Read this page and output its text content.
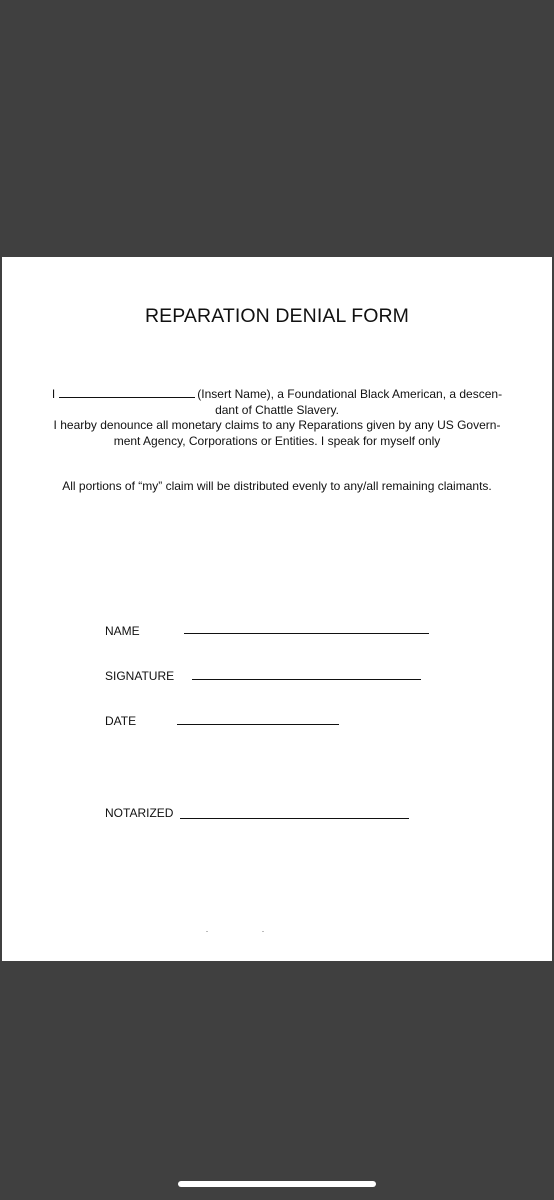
REPARATION DENIAL FORM
I	(Insert Name), a Foundational Black American, a descen-
dant of Chattle Slavery.
I hearby denounce all monetary claims to any Reparations given by any US Govern-
ment Agency, Corporations or Entities. I speak for myself only
All portions of “my” claim will be distributed evenly to any/all remaining claimants.
NAME
SIGNATURE
DATE
NOTARIZED
